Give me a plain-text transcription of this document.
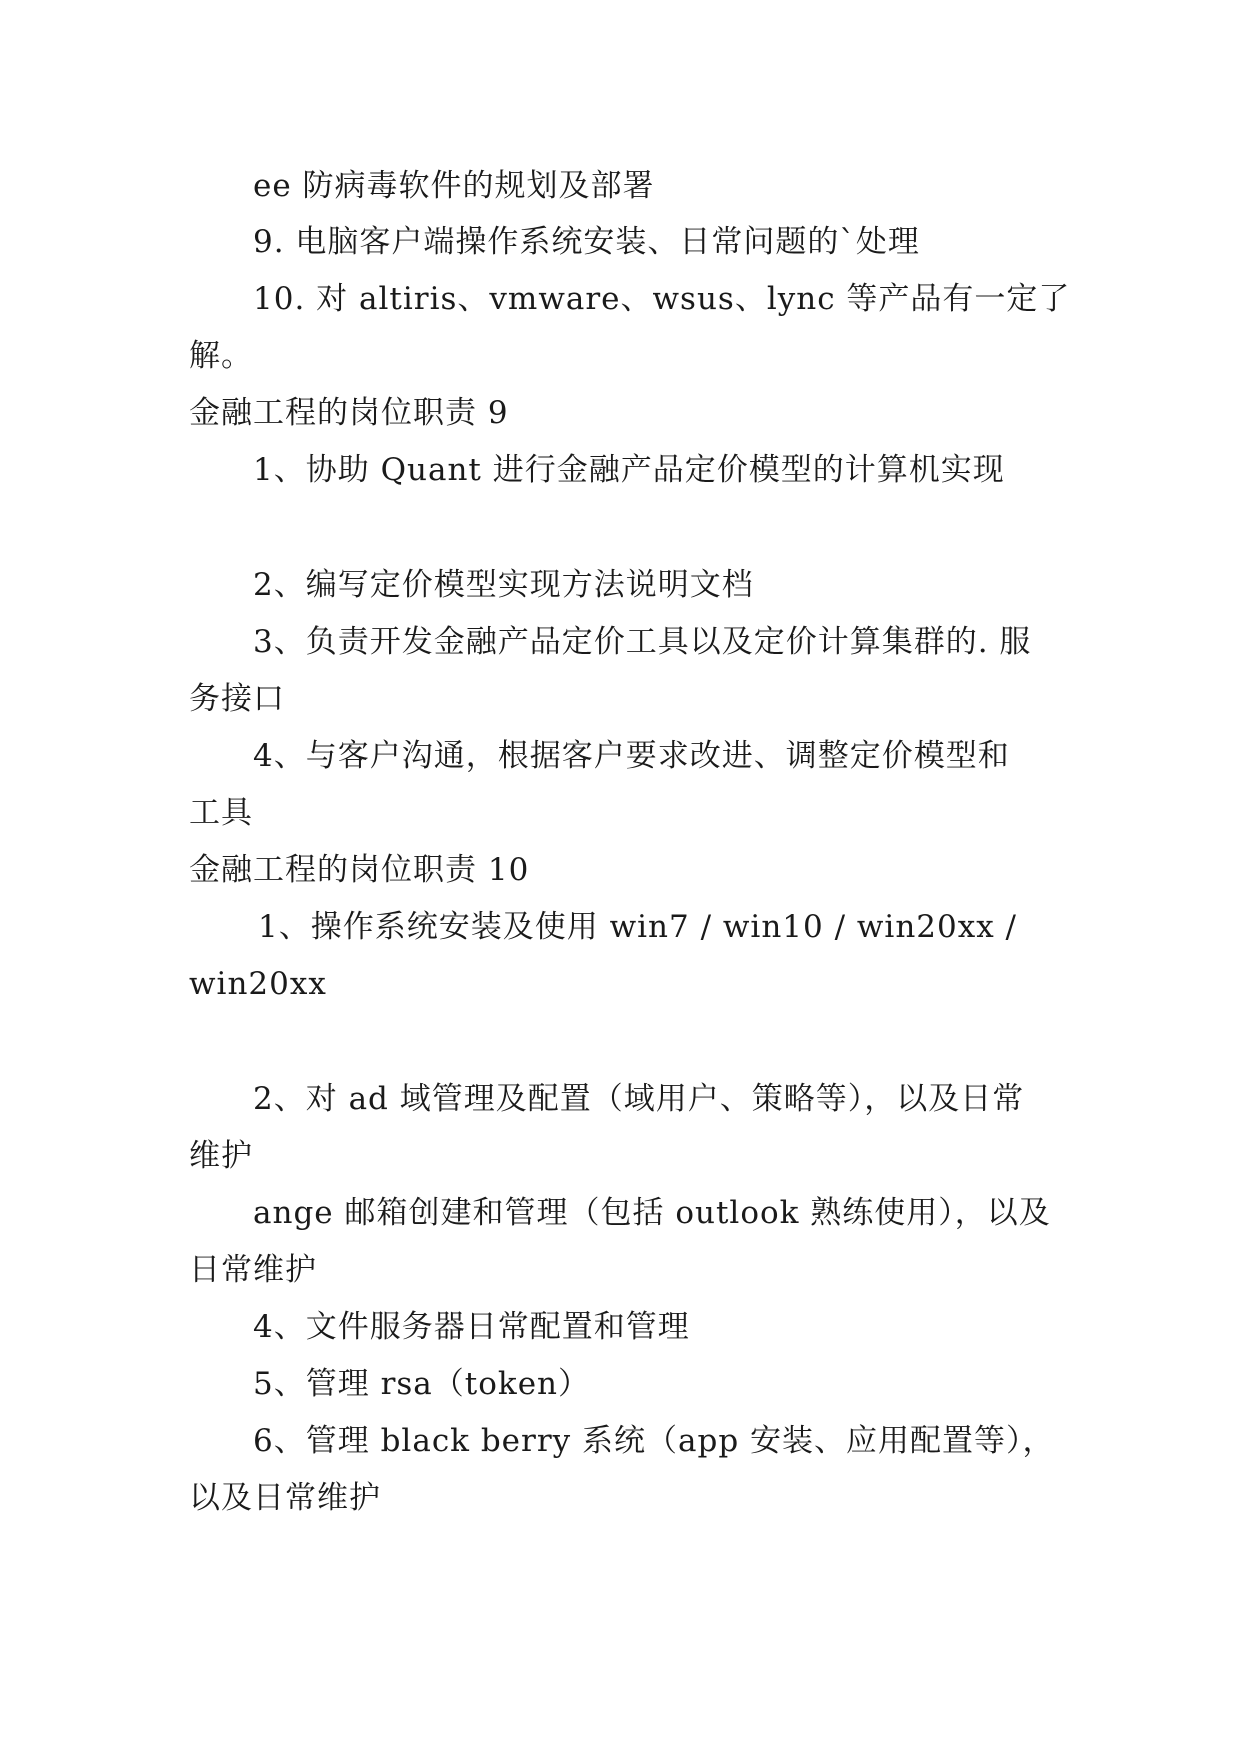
ee 防病毒软件的规划及部署
9. 电脑客户端操作系统安装、日常问题的`处理
10. 对 altiris、vmware、wsus、lync 等产品有一定了
解。
金融工程的岗位职责 9
1、协助 Quant 进行金融产品定价模型的计算机实现
2、编写定价模型实现方法说明文档
3、负责开发金融产品定价工具以及定价计算集群的. 服
务接口
4、与客户沟通，根据客户要求改进、调整定价模型和
工具
金融工程的岗位职责 10
1、操作系统安装及使用 win7 / win10 / win20xx /
win20xx
2、对 ad 域管理及配置（域用户、策略等），以及日常
维护
ange 邮箱创建和管理（包括 outlook 熟练使用），以及
日常维护
4、文件服务器日常配置和管理
5、管理 rsa（token）
6、管理 black berry 系统（app 安装、应用配置等），
以及日常维护
